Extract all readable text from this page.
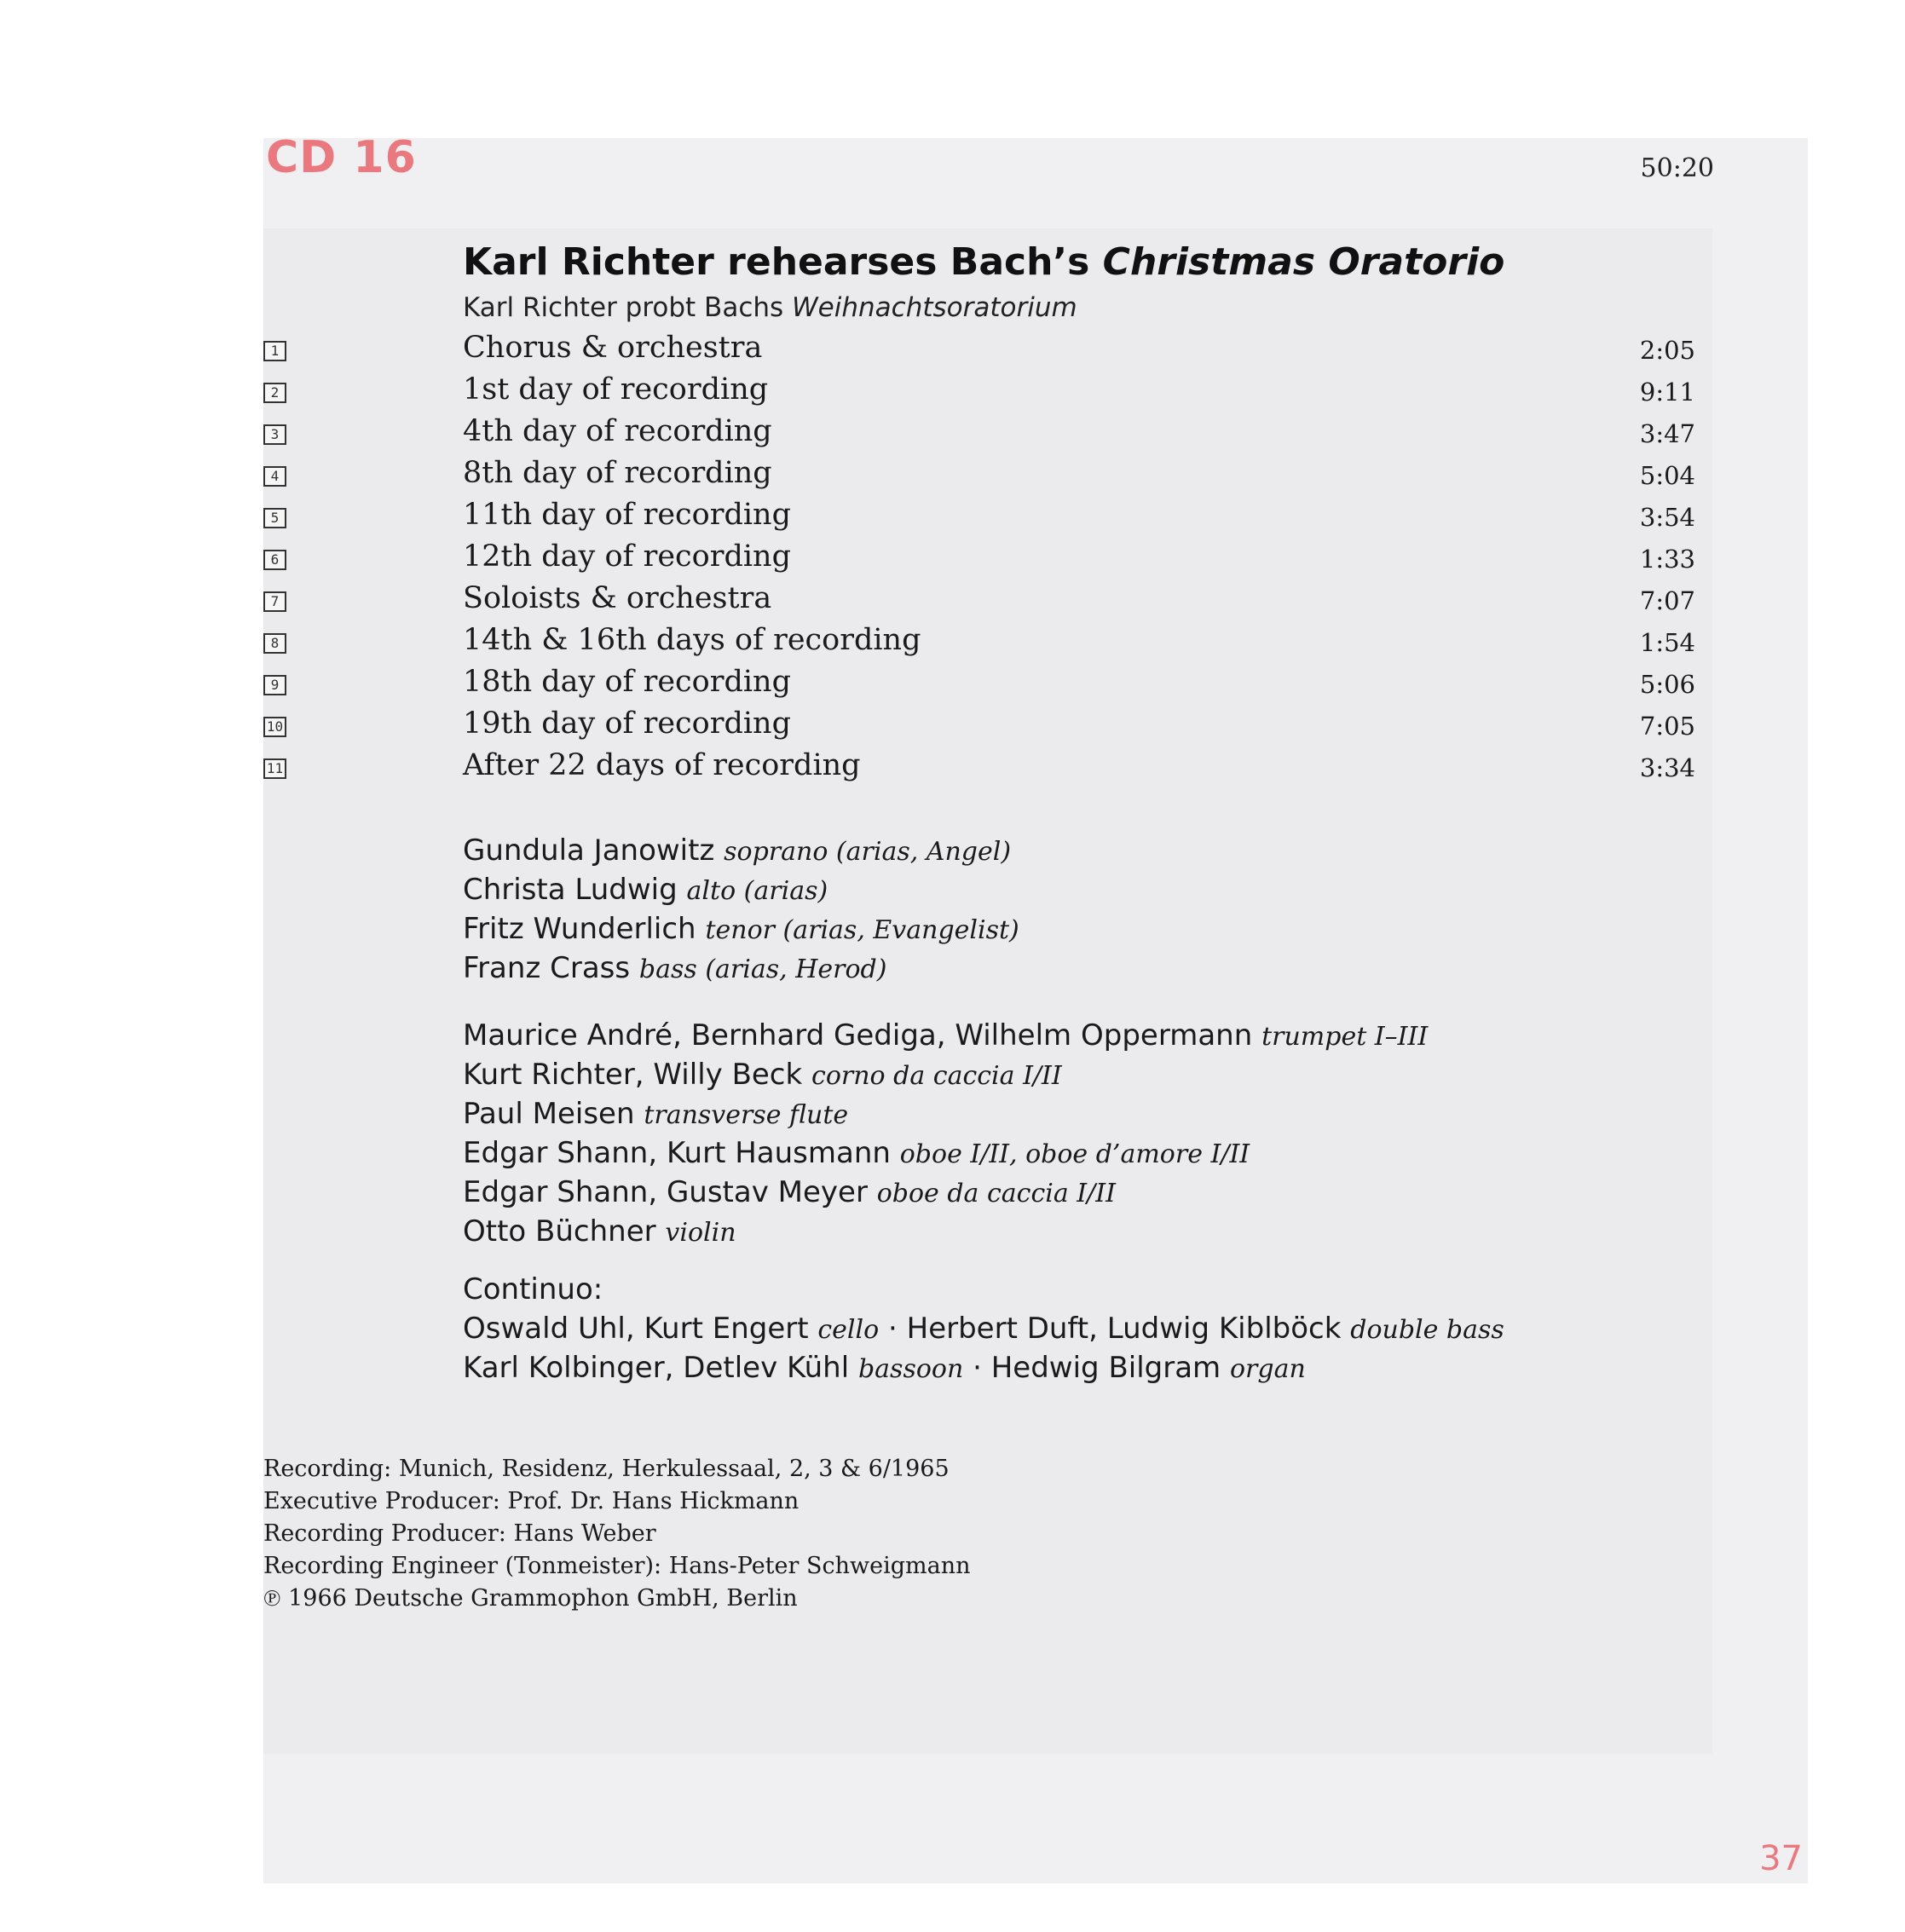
CD 16	50:20
Karl Richter rehearses Bach’s Christmas Oratorio
Karl Richter probt Bachs Weihnachtsoratorium
1	Chorus & orchestra	2:05
2	1st day of recording	9:11
3	4th day of recording	3:47
4	8th day of recording	5:04
5	11th day of recording	3:54
6	12th day of recording	1:33
7	Soloists & orchestra	7:07
8	14th & 16th days of recording	1:54
9	18th day of recording	5:06
10	19th day of recording	7:05
11	After 22 days of recording	3:34
Gundula Janowitz soprano (arias, Angel)
Christa Ludwig alto (arias)
Fritz Wunderlich tenor (arias, Evangelist)
Franz Crass bass (arias, Herod)
Maurice André, Bernhard Gediga, Wilhelm Oppermann trumpet I–III
Kurt Richter, Willy Beck corno da caccia I/II
Paul Meisen transverse flute
Edgar Shann, Kurt Hausmann oboe I/II, oboe d’amore I/II
Edgar Shann, Gustav Meyer oboe da caccia I/II
Otto Büchner violin
Continuo:
Oswald Uhl, Kurt Engert cello · Herbert Duft, Ludwig Kiblböck double bass
Karl Kolbinger, Detlev Kühl bassoon · Hedwig Bilgram organ
Recording: Munich, Residenz, Herkulessaal, 2, 3 & 6/1965
Executive Producer: Prof. Dr. Hans Hickmann
Recording Producer: Hans Weber
Recording Engineer (Tonmeister): Hans-Peter Schweigmann
℗ 1966 Deutsche Grammophon GmbH, Berlin
37
